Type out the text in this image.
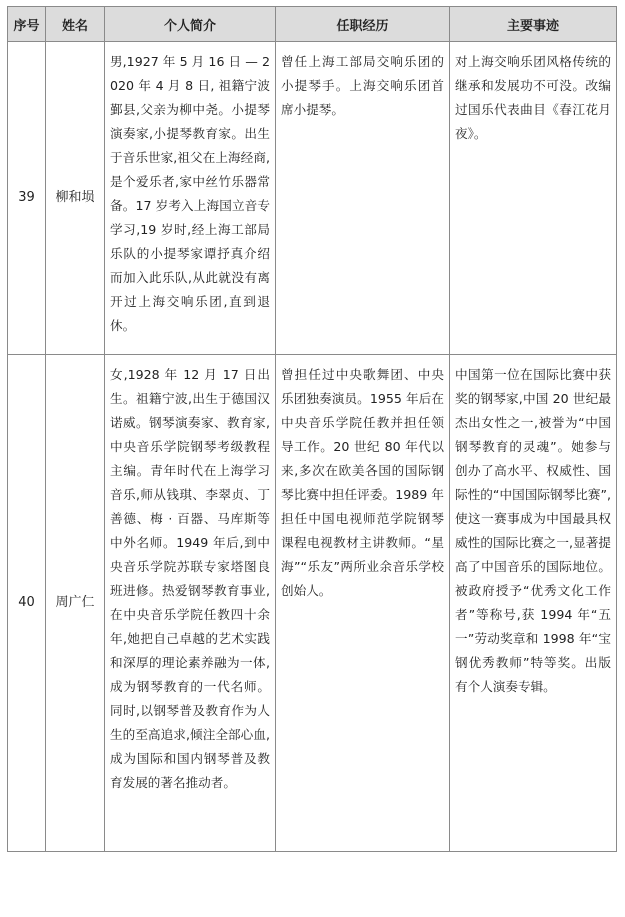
序号	姓名	个人简介	任职经历	主要事迹
39	柳和埙	男,1927 年 5 月 16 日 — 2020 年 4 月 8 日, 祖籍宁波鄞县,父亲为柳中尧。小提琴演奏家,小提琴教育家。出生于音乐世家,祖父在上海经商,是个爱乐者,家中丝竹乐器常备。17 岁考入上海国立音专学习,19 岁时,经上海工部局乐队的小提琴家谭抒真介绍而加入此乐队,从此就没有离开过上海交响乐团,直到退休。	曾任上海工部局交响乐团的小提琴手。上海交响乐团首席小提琴。	对上海交响乐团风格传统的继承和发展功不可没。改编过国乐代表曲目《春江花月夜》。
40	周广仁	女,1928 年 12 月 17 日出生。祖籍宁波,出生于德国汉诺威。钢琴演奏家、教育家,中央音乐学院钢琴考级教程主编。青年时代在上海学习音乐,师从钱琪、李翠贞、丁善德、梅 · 百器、马库斯等中外名师。1949 年后,到中央音乐学院苏联专家塔图良班进修。热爱钢琴教育事业,在中央音乐学院任教四十余年,她把自己卓越的艺术实践和深厚的理论素养融为一体,成为钢琴教育的一代名师。同时,以钢琴普及教育作为人生的至高追求,倾注全部心血,成为国际和国内钢琴普及教育发展的著名推动者。	曾担任过中央歌舞团、中央乐团独奏演员。1955 年后在中央音乐学院任教并担任领导工作。20 世纪 80 年代以来,多次在欧美各国的国际钢琴比赛中担任评委。1989 年担任中国电视师范学院钢琴课程电视教材主讲教师。“星海”“乐友”两所业余音乐学校创始人。	中国第一位在国际比赛中获奖的钢琴家,中国 20 世纪最杰出女性之一,被誉为“中国钢琴教育的灵魂”。她参与创办了高水平、权威性、国际性的“中国国际钢琴比赛”,使这一赛事成为中国最具权威性的国际比赛之一,显著提高了中国音乐的国际地位。被政府授予“优秀文化工作者”等称号,获 1994 年“五一”劳动奖章和 1998 年“宝钢优秀教师”特等奖。出版有个人演奏专辑。
